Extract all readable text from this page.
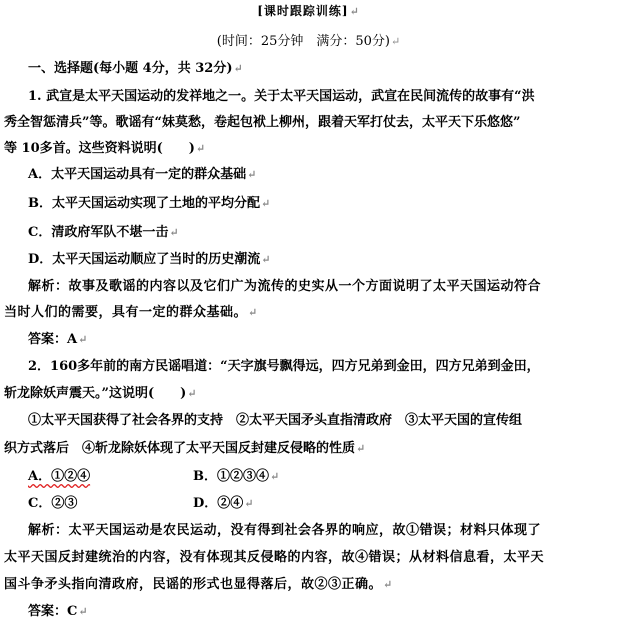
[课时跟踪训练]↵
(时间：25分钟　满分：50分)↵
一、选择题(每小题 4分，共 32分)↵
1. 武宣是太平天国运动的发祥地之一。关于太平天国运动，武宣在民间流传的故事有“洪
秀全智惩清兵”等。歌谣有“妹莫愁，卷起包袱上柳州，跟着天军打仗去，太平天下乐悠悠”
等 10多首。这些资料说明(　　)↵
A．太平天国运动具有一定的群众基础↵
B．太平天国运动实现了土地的平均分配↵
C．清政府军队不堪一击↵
D．太平天国运动顺应了当时的历史潮流↵
解析：故事及歌谣的内容以及它们广为流传的史实从一个方面说明了太平天国运动符合
当时人们的需要，具有一定的群众基础。↵
答案：A↵
2．160多年前的南方民谣唱道：“天字旗号飘得远，四方兄弟到金田，四方兄弟到金田，
斩龙除妖声震天。”这说明(　　)↵
①太平天国获得了社会各界的支持　②太平天国矛头直指清政府　③太平天国的宣传组
织方式落后　④斩龙除妖体现了太平天国反封建反侵略的性质↵
A．①②④	B．①②③④↵
C．②③	D．②④↵
解析：太平天国运动是农民运动，没有得到社会各界的响应，故①错误；材料只体现了
太平天国反封建统治的内容，没有体现其反侵略的内容，故④错误；从材料信息看，太平天
国斗争矛头指向清政府，民谣的形式也显得落后，故②③正确。↵
答案：C↵
